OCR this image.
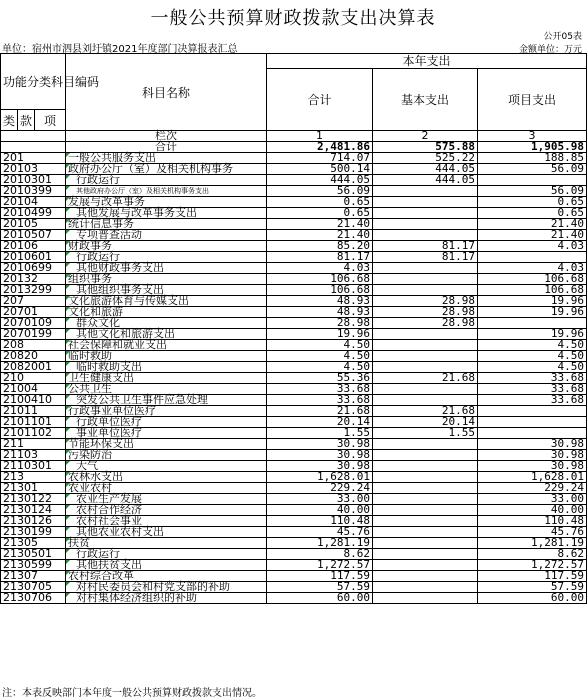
一般公共预算财政拨款支出决算表
公开05表
单位：宿州市泗县刘圩镇2021年度部门决算报表汇总	金额单位：万元
功能分类科目编码			科目名称	本年支出		
				合计	基本支出	项目支出
类	款	项				
			栏次	1	2	3
			合计	2,481.86	575.88	1,905.98
201			一般公共服务支出	714.07	525.22	188.85
20103			政府办公厅（室）及相关机构事务	500.14	444.05	56.09
2010301			行政运行	444.05	444.05	
2010399			其他政府办公厅（室）及相关机构事务支出	56.09		56.09
20104			发展与改革事务	0.65		0.65
2010499			其他发展与改革事务支出	0.65		0.65
20105			统计信息事务	21.40		21.40
2010507			专项普查活动	21.40		21.40
20106			财政事务	85.20	81.17	4.03
2010601			行政运行	81.17	81.17	
2010699			其他财政事务支出	4.03		4.03
20132			组织事务	106.68		106.68
2013299			其他组织事务支出	106.68		106.68
207			文化旅游体育与传媒支出	48.93	28.98	19.96
20701			文化和旅游	48.93	28.98	19.96
2070109			群众文化	28.98	28.98	
2070199			其他文化和旅游支出	19.96		19.96
208			社会保障和就业支出	4.50		4.50
20820			临时救助	4.50		4.50
2082001			临时救助支出	4.50		4.50
210			卫生健康支出	55.36	21.68	33.68
21004			公共卫生	33.68		33.68
2100410			突发公共卫生事件应急处理	33.68		33.68
21011			行政事业单位医疗	21.68	21.68	
2101101			行政单位医疗	20.14	20.14	
2101102			事业单位医疗	1.55	1.55	
211			节能环保支出	30.98		30.98
21103			污染防治	30.98		30.98
2110301			大气	30.98		30.98
213			农林水支出	1,628.01		1,628.01
21301			农业农村	229.24		229.24
2130122			农业生产发展	33.00		33.00
2130124			农村合作经济	40.00		40.00
2130126			农村社会事业	110.48		110.48
2130199			其他农业农村支出	45.76		45.76
21305			扶贫	1,281.19		1,281.19
2130501			行政运行	8.62		8.62
2130599			其他扶贫支出	1,272.57		1,272.57
21307			农村综合改革	117.59		117.59
2130705			对村民委员会和村党支部的补助	57.59		57.59
2130706			对村集体经济组织的补助	60.00		60.00
注：本表反映部门本年度一般公共预算财政拨款支出情况。
